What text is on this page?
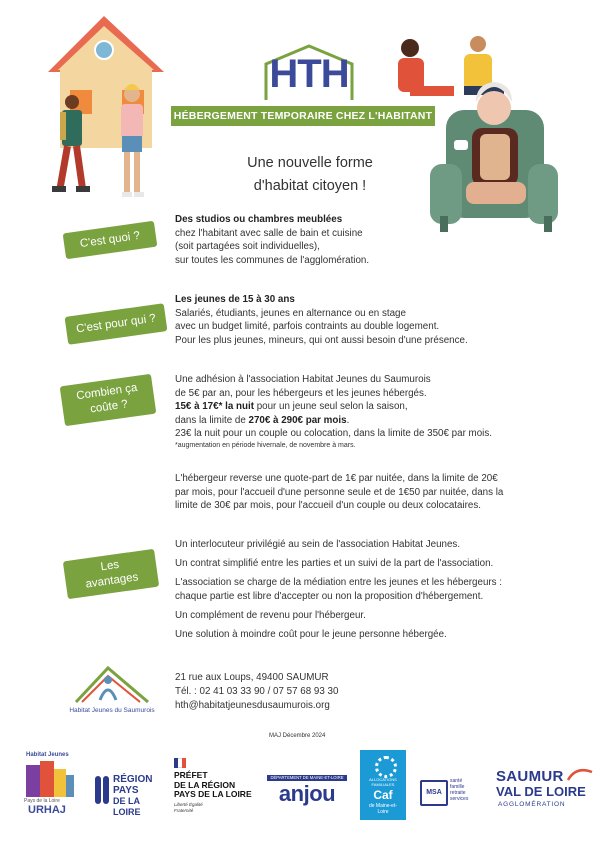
HTH
HÉBERGEMENT TEMPORAIRE CHEZ L'HABITANT
Une nouvelle forme
d'habitat citoyen !
C'est quoi ?
C'est pour qui ?
Combien ça
coûte ?
Les
avantages
Des studios ou chambres meublées
chez l'habitant avec salle de bain et cuisine
(soit partagées soit individuelles),
sur toutes les communes de l'agglomération.
Les jeunes de 15 à 30 ans
Salariés, étudiants, jeunes en alternance ou en stage
avec un budget limité, parfois contraints au double logement.
Pour les plus jeunes, mineurs, qui ont aussi besoin d'une présence.
Une adhésion à l'association Habitat Jeunes du Saumurois
de 5€ par an, pour les hébergeurs et les jeunes hébergés.
15€ à 17€* la nuit pour un jeune seul selon la saison,
dans la limite de 270€ à 290€ par mois.
23€ la nuit pour un couple ou colocation, dans la limite de 350€ par mois.
*augmentation en période hivernale, de novembre à mars.
L'hébergeur reverse une quote-part de 1€ par nuitée, dans la limite de 20€
par mois, pour l'accueil d'une personne seule et de 1€50 par nuitée, dans la
limite de 30€ par mois, pour l'accueil d'un couple ou deux colocataires.
Un interlocuteur privilégié au sein de l'association Habitat Jeunes.
Un contrat simplifié entre les parties et un suivi de la part de l'association.
L'association se charge de la médiation entre les jeunes et les hébergeurs :
chaque partie est libre d'accepter ou non la proposition d'hébergement.
Un complément de revenu pour l'hébergeur.
Une solution à moindre coût pour le jeune personne hébergée.
Habitat Jeunes du Saumurois
21 rue aux Loups, 49400 SAUMUR
Tél. : 02 41 03 33 90 / 07 57 68 93 30
hth@habitatjeunesdusaumurois.org
MAJ Décembre 2024
Habitat Jeunes
Pays de la Loire
URHAJ
RÉGION
PAYS
DE LA LOIRE
PRÉFET
DE LA RÉGION
PAYS DE LA LOIRE
Liberté Égalité Fraternité
DÉPARTEMENT DE MAINE-ET-LOIRE
anjou
ALLOCATIONS FAMILIALES
Caf
de Maine-et-Loire
MSA
santé
famille
retraite
services
SAUMUR
VAL DE LOIRE
AGGLOMÉRATION
